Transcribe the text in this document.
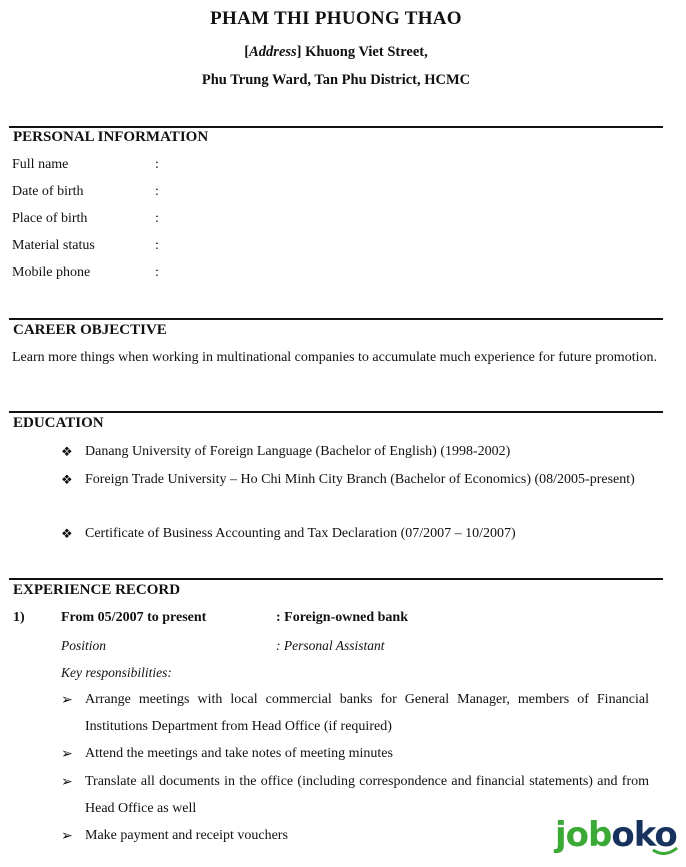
PHAM THI PHUONG THAO
[Address] Khuong Viet Street,
Phu Trung Ward, Tan Phu District, HCMC
PERSONAL INFORMATION
Full name	:
Date of birth	:
Place of birth	:
Material status	:
Mobile phone	:
CAREER OBJECTIVE
Learn more things when working in multinational companies to accumulate much experience for future promotion.
EDUCATION
❖ Danang University of Foreign Language (Bachelor of English) (1998-2002)
❖ Foreign Trade University – Ho Chi Minh City Branch (Bachelor of Economics) (08/2005-present)
❖ Certificate of Business Accounting and Tax Declaration (07/2007 – 10/2007)
EXPERIENCE RECORD
1)	From 05/2007 to present	: Foreign-owned bank
Position	: Personal Assistant
Key responsibilities:
➢ Arrange meetings with local commercial banks for General Manager, members of Financial Institutions Department from Head Office (if required)
➢ Attend the meetings and take notes of meeting minutes
➢ Translate all documents in the office (including correspondence and financial statements) and from Head Office as well
➢ Make payment and receipt vouchers	joboko
